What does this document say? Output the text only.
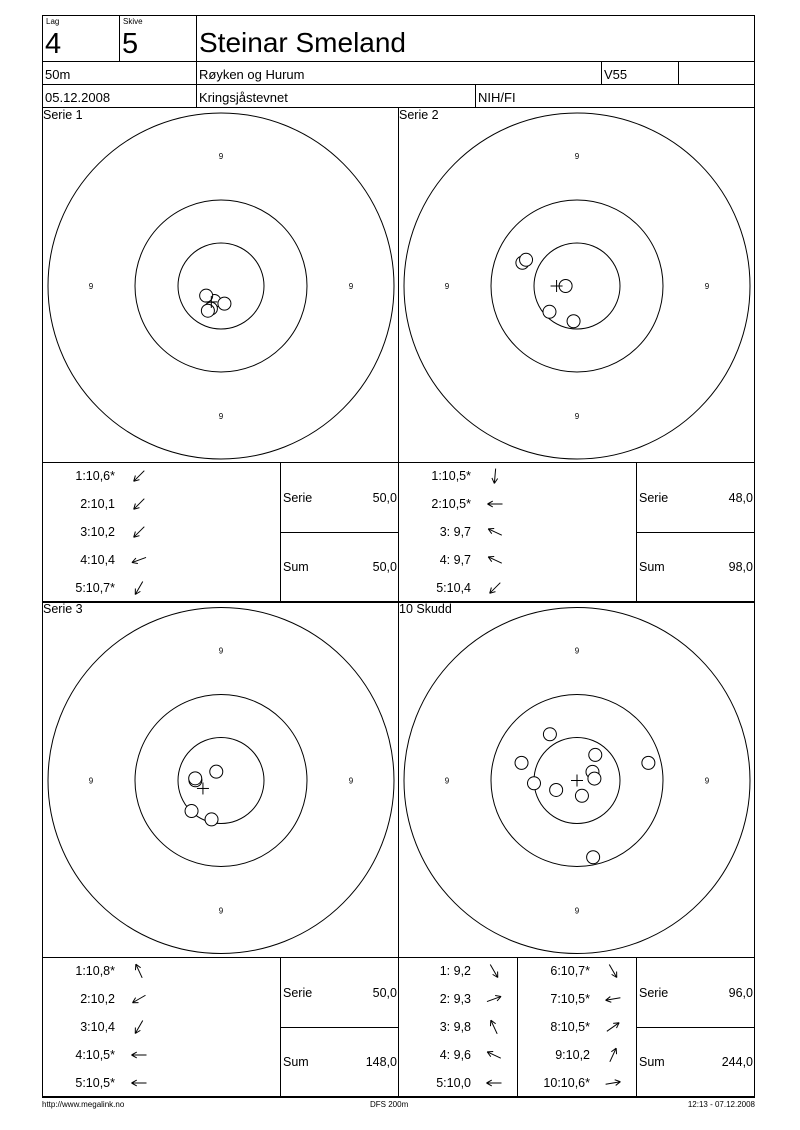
Lag
4
Skive
5 Steinar Smeland
50m	Røyken og Hurum	V55
05.12.2008	Kringsjåstevnet	NIH/FI
Serie 1
9
9
9	9
1:10,6*
2:10,1
3:10,2
4:10,4
5:10,7*
Serie	50,0
Sum	50,0
Serie 2
9
9
9	9
1:10,5*
2:10,5*
3: 9,7
4: 9,7
5:10,4
Serie	48,0
Sum	98,0
Serie 3
9
9
9	9
1:10,8*
2:10,2
3:10,4
4:10,5*
5:10,5*
Serie	50,0
Sum	148,0
10 Skudd
9
9
9	9
1: 9,2
2: 9,3
3: 9,8
4: 9,6
5:10,0
6:10,7*
7:10,5*
8:10,5*
9:10,2
10:10,6*
Serie	96,0
Sum	244,0
http://www.megalink.no	DFS 200m	12:13 - 07.12.2008
